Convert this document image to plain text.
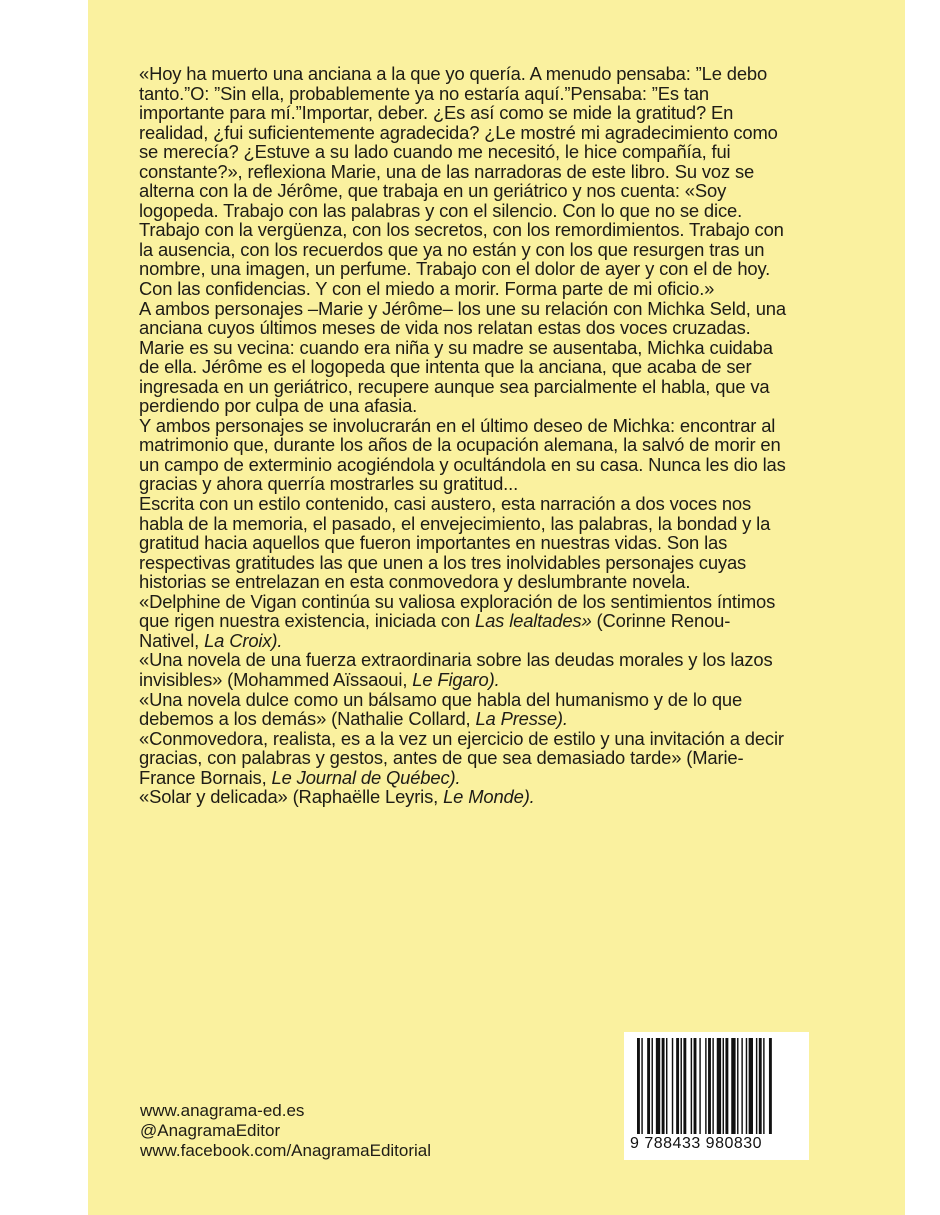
«Hoy ha muerto una anciana a la que yo quería. A menudo pensaba: ”Le debo tanto.”O: ”Sin ella, probablemente ya no estaría aquí.”Pensaba: ”Es tan importante para mí.”Importar, deber. ¿Es así como se mide la gratitud? En realidad, ¿fui suficientemente agradecida? ¿Le mostré mi agradecimiento como se merecía? ¿Estuve a su lado cuando me necesitó, le hice compañía, fui constante?», reflexiona Marie, una de las narradoras de este libro. Su voz se alterna con la de Jérôme, que trabaja en un geriátrico y nos cuenta: «Soy logopeda. Trabajo con las palabras y con el silencio. Con lo que no se dice. Trabajo con la vergüenza, con los secretos, con los remordimientos. Trabajo con la ausencia, con los recuerdos que ya no están y con los que resurgen tras un nombre, una imagen, un perfume. Trabajo con el dolor de ayer y con el de hoy. Con las confidencias. Y con el miedo a morir. Forma parte de mi oficio.»

A ambos personajes –Marie y Jérôme– los une su relación con Michka Seld, una anciana cuyos últimos meses de vida nos relatan estas dos voces cruzadas. Marie es su vecina: cuando era niña y su madre se ausentaba, Michka cuidaba de ella. Jérôme es el logopeda que intenta que la anciana, que acaba de ser ingresada en un geriátrico, recupere aunque sea parcialmente el habla, que va perdiendo por culpa de una afasia.

Y ambos personajes se involucrarán en el último deseo de Michka: encontrar al matrimonio que, durante los años de la ocupación alemana, la salvó de morir en un campo de exterminio acogiéndola y ocultándola en su casa. Nunca les dio las gracias y ahora querría mostrarles su gratitud...

Escrita con un estilo contenido, casi austero, esta narración a dos voces nos habla de la memoria, el pasado, el envejecimiento, las palabras, la bondad y la gratitud hacia aquellos que fueron importantes en nuestras vidas. Son las respectivas gratitudes las que unen a los tres inolvidables personajes cuyas historias se entrelazan en esta conmovedora y deslumbrante novela.

«Delphine de Vigan continúa su valiosa exploración de los sentimientos íntimos que rigen nuestra existencia, iniciada con Las lealtades» (Corinne Renou-Nativel, La Croix).

«Una novela de una fuerza extraordinaria sobre las deudas morales y los lazos invisibles» (Mohammed Aïssaoui, Le Figaro).

«Una novela dulce como un bálsamo que habla del humanismo y de lo que debemos a los demás» (Nathalie Collard, La Presse).

«Conmovedora, realista, es a la vez un ejercicio de estilo y una invitación a decir gracias, con palabras y gestos, antes de que sea demasiado tarde» (Marie-France Bornais, Le Journal de Québec).

«Solar y delicada» (Raphaëlle Leyris, Le Monde).

www.anagrama-ed.es
@AnagramaEditor
www.facebook.com/AnagramaEditorial	9 788433 980830
